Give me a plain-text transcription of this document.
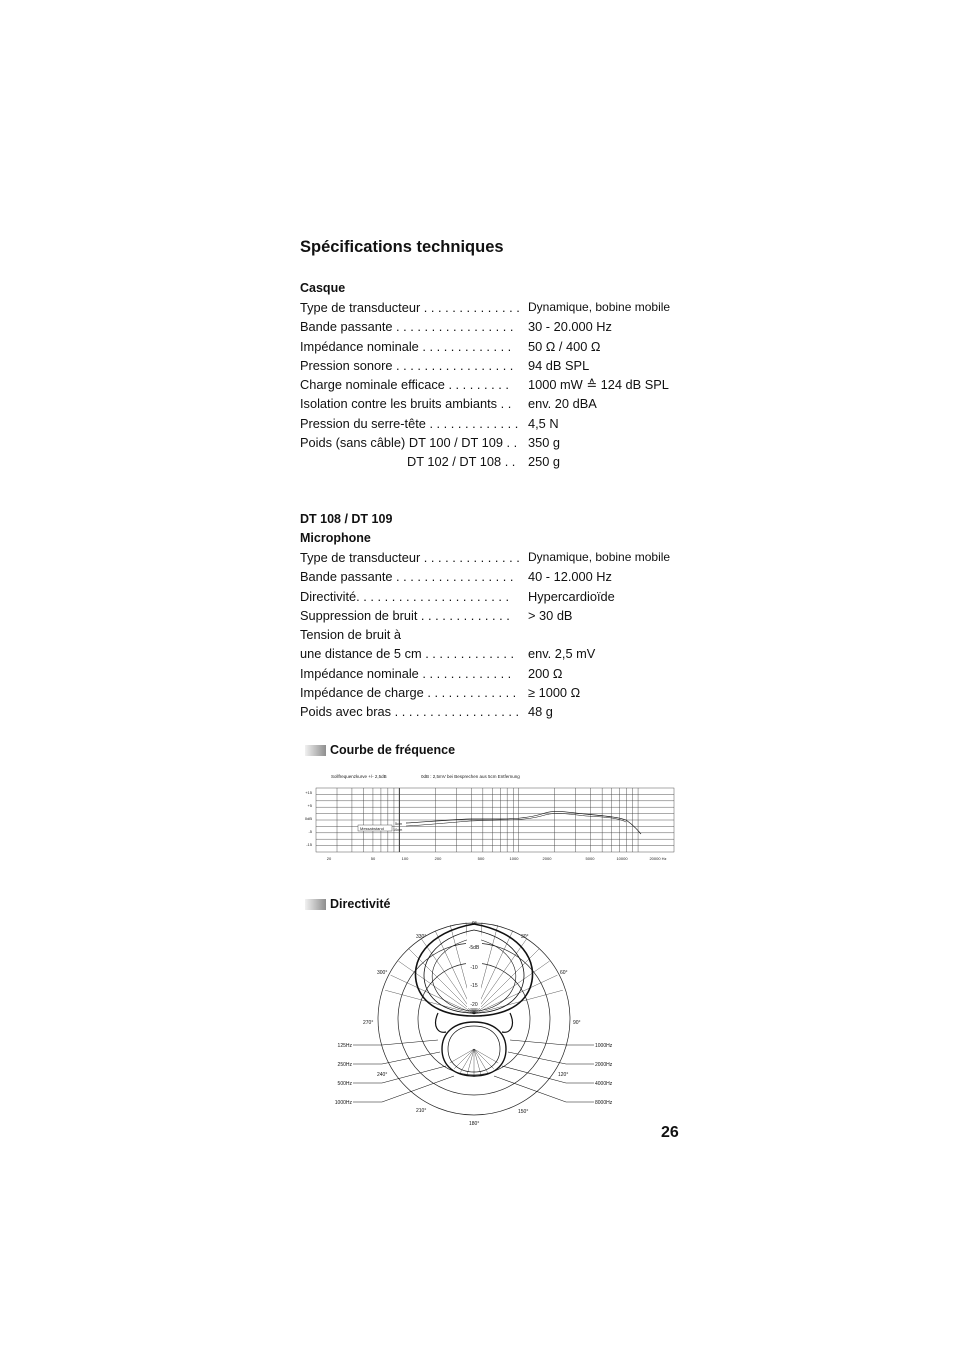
Spécifications techniques
Casque
Type de transducteur . . . . . . . . . . . . . . Dynamique, bobine mobile
Bande passante . . . . . . . . . . . . . . . . . 30 - 20.000 Hz
Impédance nominale . . . . . . . . . . . . . 50 Ω / 400 Ω
Pression sonore . . . . . . . . . . . . . . . . . 94 dB SPL
Charge nominale efficace . . . . . . . . . 1000 mW ≙ 124 dB SPL
Isolation contre les bruits ambiants . . env. 20 dBA
Pression du serre-tête . . . . . . . . . . . . . 4,5 N
Poids (sans câble) DT 100 / DT 109 . . 350 g
DT 102 / DT 108 . . 250 g
DT 108 / DT 109
Microphone
Type de transducteur . . . . . . . . . . . . . . Dynamique, bobine mobile
Bande passante . . . . . . . . . . . . . . . . . 40 - 12.000 Hz
Directivité. . . . . . . . . . . . . . . . . . . . . . Hypercardioïde
Suppression de bruit . . . . . . . . . . . . . > 30 dB
Tension de bruit à
une distance de 5 cm . . . . . . . . . . . . . env. 2,5 mV
Impédance nominale . . . . . . . . . . . . . 200 Ω
Impédance de charge . . . . . . . . . . . . . ≥ 1000 Ω
Poids avec bras . . . . . . . . . . . . . . . . . . 48 g
Courbe de fréquence
Sollfrequenzkurve +/- 2,5dB	0dB : 2,5mV bei Besprechen aus 5cm Entfernung
+15
+5
0dB
-5
-15
20	50	100	200	500	1000	2000	5000	10000	20000 Hz
Messabstand
5cm
10cm
Directivité
-5dB
-10
-15
-20
0°
30°
60°
90°
120°
150°
180°
210°
240°
270°
300°
330°
125Hz
250Hz
500Hz
1000Hz
1000Hz
2000Hz
4000Hz
8000Hz
26
